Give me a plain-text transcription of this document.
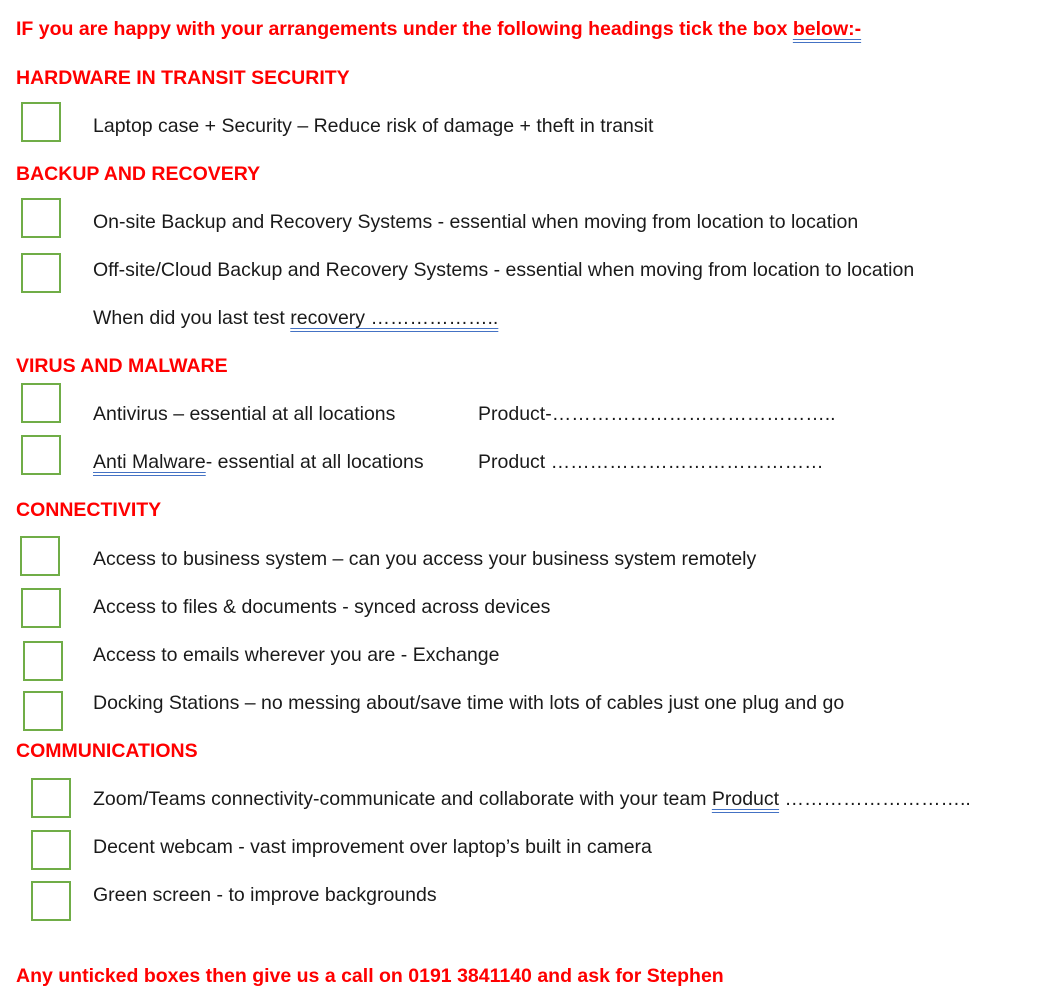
IF you are happy with your arrangements under the following headings tick the box below:-
HARDWARE IN TRANSIT SECURITY
Laptop case + Security – Reduce risk of damage + theft in transit
BACKUP AND RECOVERY
On-site Backup and Recovery Systems - essential when moving from location to location
Off-site/Cloud Backup and Recovery Systems - essential when moving from location to location
When did you last test recovery ………………..
VIRUS AND MALWARE
Antivirus – essential at all locations	Product-……………………………………..
Anti Malware- essential at all locations	Product ……………………………………
CONNECTIVITY
Access to business system – can you access your business system remotely
Access to files & documents - synced across devices
Access to emails wherever you are - Exchange
Docking Stations – no messing about/save time with lots of cables just one plug and go
COMMUNICATIONS
Zoom/Teams connectivity-communicate and collaborate with your team Product ………………………..
Decent webcam - vast improvement over laptop’s built in camera
Green screen - to improve backgrounds
Any unticked boxes then give us a call on 0191 3841140 and ask for Stephen
